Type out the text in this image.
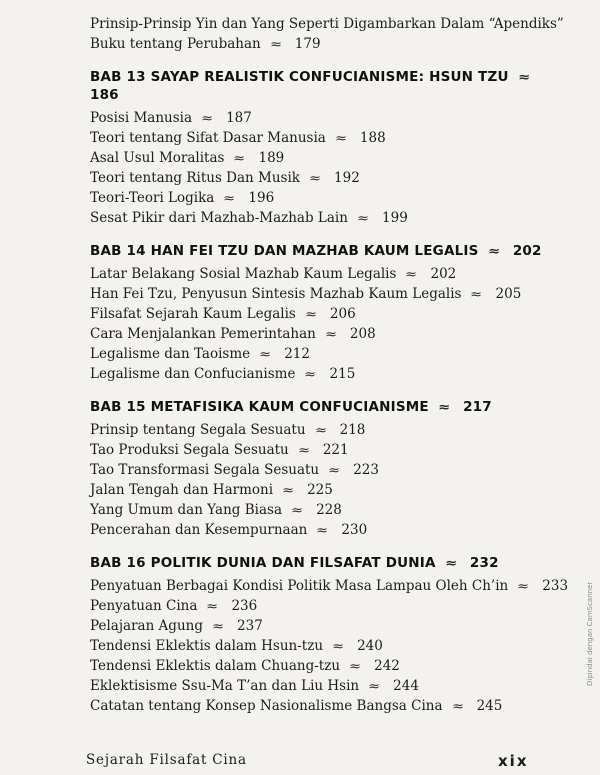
Prinsip-Prinsip Yin dan Yang Seperti Digambarkan Dalam “Apendiks”
Buku tentang Perubahan ≈ 179
BAB 13 SAYAP REALISTIK CONFUCIANISME: HSUN TZU ≈186
Posisi Manusia ≈ 187
Teori tentang Sifat Dasar Manusia ≈ 188
Asal Usul Moralitas ≈ 189
Teori tentang Ritus Dan Musik ≈ 192
Teori-Teori Logika ≈ 196
Sesat Pikir dari Mazhab-Mazhab Lain ≈ 199
BAB 14 HAN FEI TZU DAN MAZHAB KAUM LEGALIS ≈ 202
Latar Belakang Sosial Mazhab Kaum Legalis ≈ 202
Han Fei Tzu, Penyusun Sintesis Mazhab Kaum Legalis ≈ 205
Filsafat Sejarah Kaum Legalis ≈ 206
Cara Menjalankan Pemerintahan ≈ 208
Legalisme dan Taoisme ≈ 212
Legalisme dan Confucianisme ≈ 215
BAB 15 METAFISIKA KAUM CONFUCIANISME ≈ 217
Prinsip tentang Segala Sesuatu ≈ 218
Tao Produksi Segala Sesuatu ≈ 221
Tao Transformasi Segala Sesuatu ≈ 223
Jalan Tengah dan Harmoni ≈ 225
Yang Umum dan Yang Biasa ≈ 228
Pencerahan dan Kesempurnaan ≈ 230
BAB 16 POLITIK DUNIA DAN FILSAFAT DUNIA ≈ 232
Penyatuan Berbagai Kondisi Politik Masa Lampau Oleh Ch’in ≈ 233
Penyatuan Cina ≈ 236
Pelajaran Agung ≈ 237
Tendensi Eklektis dalam Hsun-tzu ≈ 240
Tendensi Eklektis dalam Chuang-tzu ≈ 242
Eklektisisme Ssu-Ma T’an dan Liu Hsin ≈ 244
Catatan tentang Konsep Nasionalisme Bangsa Cina ≈ 245
Sejarah Filsafat Cina	xix
Dipindai dengan CamScanner
